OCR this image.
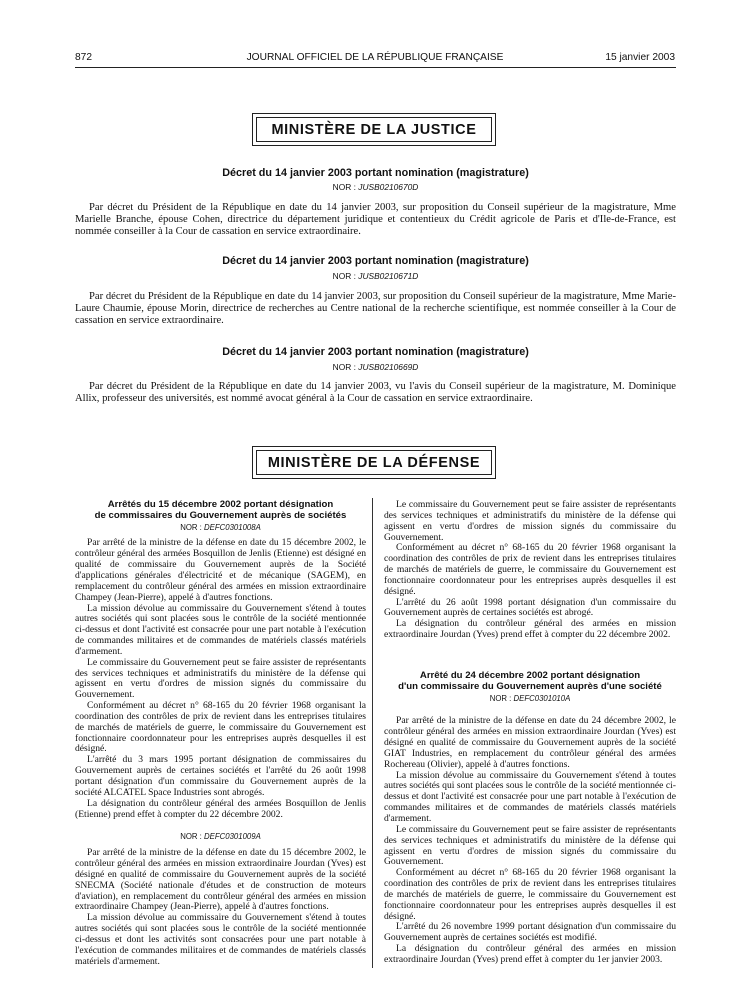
872	JOURNAL OFFICIEL DE LA RÉPUBLIQUE FRANÇAISE	15 janvier 2003
MINISTÈRE DE LA JUSTICE
Décret du 14 janvier 2003 portant nomination (magistrature)
NOR : JUSB0210670D

Par décret du Président de la République en date du 14 janvier 2003, sur proposition du Conseil supérieur de la magistrature, Mme Marielle Branche, épouse Cohen, directrice du département juridique et contentieux du Crédit agricole de Paris et d'Ile-de-France, est nommée conseiller à la Cour de cassation en service extraordinaire.

Décret du 14 janvier 2003 portant nomination (magistrature)
NOR : JUSB0210671D

Par décret du Président de la République en date du 14 janvier 2003, sur proposition du Conseil supérieur de la magistrature, Mme Marie-Laure Chaumie, épouse Morin, directrice de recherches au Centre national de la recherche scientifique, est nommée conseiller à la Cour de cassation en service extraordinaire.

Décret du 14 janvier 2003 portant nomination (magistrature)
NOR : JUSB0210669D

Par décret du Président de la République en date du 14 janvier 2003, vu l'avis du Conseil supérieur de la magistrature, M. Dominique Allix, professeur des universités, est nommé avocat général à la Cour de cassation en service extraordinaire.

MINISTÈRE DE LA DÉFENSE

Arrêtés du 15 décembre 2002 portant désignation
de commissaires du Gouvernement auprès de sociétés

NOR : DEFC0301008A

Par arrêté de la ministre de la défense en date du 15 décembre 2002, le contrôleur général des armées Bosquillon de Jenlis (Etienne) est désigné en qualité de commissaire du Gouvernement auprès de la Société d'applications générales d'électricité et de mécanique (SAGEM), en remplacement du contrôleur général des armées en mission extraordinaire Champey (Jean-Pierre), appelé à d'autres fonctions.

La mission dévolue au commissaire du Gouvernement s'étend à toutes autres sociétés qui sont placées sous le contrôle de la société mentionnée ci-dessus et dont l'activité est consacrée pour une part notable à l'exécution de commandes militaires et de commandes de matériels classés matériels d'armement.

Le commissaire du Gouvernement peut se faire assister de représentants des services techniques et administratifs du ministère de la défense qui agissent en vertu d'ordres de mission signés du commissaire du Gouvernement.

Conformément au décret n° 68-165 du 20 février 1968 organisant la coordination des contrôles de prix de revient dans les entreprises titulaires de marchés de matériels de guerre, le commissaire du Gouvernement est fonctionnaire coordonnateur pour les entreprises auprès desquelles il est désigné.

L'arrêté du 3 mars 1995 portant désignation de commissaires du Gouvernement auprès de certaines sociétés et l'arrêté du 26 août 1998 portant désignation d'un commissaire du Gouvernement auprès de la société ALCATEL Space Industries sont abrogés.

La désignation du contrôleur général des armées Bosquillon de Jenlis (Etienne) prend effet à compter du 22 décembre 2002.

NOR : DEFC0301009A

Par arrêté de la ministre de la défense en date du 15 décembre 2002, le contrôleur général des armées en mission extraordinaire Jourdan (Yves) est désigné en qualité de commissaire du Gouvernement auprès de la société SNECMA (Société nationale d'études et de construction de moteurs d'aviation), en remplacement du contrôleur général des armées en mission extraordinaire Champey (Jean-Pierre), appelé à d'autres fonctions.

La mission dévolue au commissaire du Gouvernement s'étend à toutes autres sociétés qui sont placées sous le contrôle de la société mentionnée ci-dessus et dont les activités sont consacrées pour une part notable à l'exécution de commandes militaires et de commandes de matériels classés matériels d'armement.

Le commissaire du Gouvernement peut se faire assister de représentants des services techniques et administratifs du ministère de la défense qui agissent en vertu d'ordres de mission signés du commissaire du Gouvernement.

Conformément au décret n° 68-165 du 20 février 1968 organisant la coordination des contrôles de prix de revient dans les entreprises titulaires de marchés de matériels de guerre, le commissaire du Gouvernement est fonctionnaire coordonnateur pour les entreprises auprès desquelles il est désigné.

L'arrêté du 26 août 1998 portant désignation d'un commissaire du Gouvernement auprès de certaines sociétés est abrogé.

La désignation du contrôleur général des armées en mission extraordinaire Jourdan (Yves) prend effet à compter du 22 décembre 2002.

Arrêté du 24 décembre 2002 portant désignation
d'un commissaire du Gouvernement auprès d'une société

NOR : DEFC0301010A

Par arrêté de la ministre de la défense en date du 24 décembre 2002, le contrôleur général des armées en mission extraordinaire Jourdan (Yves) est désigné en qualité de commissaire du Gouvernement auprès de la société GIAT Industries, en remplacement du contrôleur général des armées Rochereau (Olivier), appelé à d'autres fonctions.

La mission dévolue au commissaire du Gouvernement s'étend à toutes autres sociétés qui sont placées sous le contrôle de la société mentionnée ci-dessus et dont l'activité est consacrée pour une part notable à l'exécution de commandes militaires et de commandes de matériels classés matériels d'armement.

Le commissaire du Gouvernement peut se faire assister de représentants des services techniques et administratifs du ministère de la défense qui agissent en vertu d'ordres de mission signés du commissaire du Gouvernement.

Conformément au décret n° 68-165 du 20 février 1968 organisant la coordination des contrôles de prix de revient dans les entreprises titulaires de marchés de matériels de guerre, le commissaire du Gouvernement est fonctionnaire coordonnateur pour les entreprises auprès desquelles il est désigné.

L'arrêté du 26 novembre 1999 portant désignation d'un commissaire du Gouvernement auprès de certaines sociétés est modifié.

La désignation du contrôleur général des armées en mission extraordinaire Jourdan (Yves) prend effet à compter du 1er janvier 2003.
